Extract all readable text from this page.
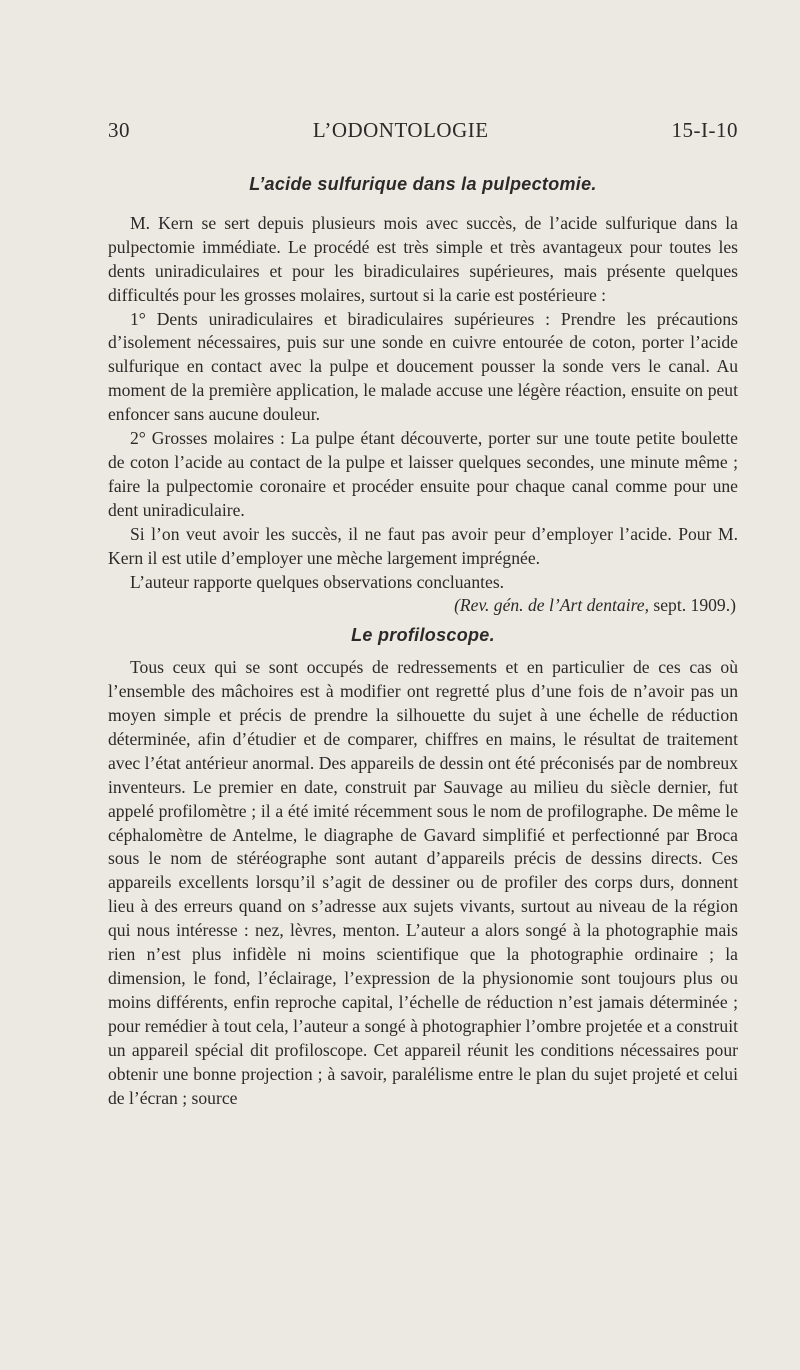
30	L’ODONTOLOGIE	15-I-10
L’acide sulfurique dans la pulpectomie.

M. Kern se sert depuis plusieurs mois avec succès, de l’acide sulfurique dans la pulpectomie immédiate. Le procédé est très simple et très avantageux pour toutes les dents uniradiculaires et pour les biradiculaires supérieures, mais présente quelques difficultés pour les grosses molaires, surtout si la carie est postérieure :

1° Dents uniradiculaires et biradiculaires supérieures : Prendre les précautions d’isolement nécessaires, puis sur une sonde en cuivre entourée de coton, porter l’acide sulfurique en contact avec la pulpe et doucement pousser la sonde vers le canal. Au moment de la première application, le malade accuse une légère réaction, ensuite on peut enfoncer sans aucune douleur.

2° Grosses molaires : La pulpe étant découverte, porter sur une toute petite boulette de coton l’acide au contact de la pulpe et laisser quelques secondes, une minute même ; faire la pulpectomie coronaire et procéder ensuite pour chaque canal comme pour une dent uniradiculaire.

Si l’on veut avoir les succès, il ne faut pas avoir peur d’employer l’acide. Pour M. Kern il est utile d’employer une mèche largement imprégnée.

L’auteur rapporte quelques observations concluantes.

(Rev. gén. de l’Art dentaire, sept. 1909.)

Le profiloscope.

Tous ceux qui se sont occupés de redressements et en particulier de ces cas où l’ensemble des mâchoires est à modifier ont regretté plus d’une fois de n’avoir pas un moyen simple et précis de prendre la silhouette du sujet à une échelle de réduction déterminée, afin d’étudier et de comparer, chiffres en mains, le résultat de traitement avec l’état antérieur anormal. Des appareils de dessin ont été préconisés par de nombreux inventeurs. Le premier en date, construit par Sauvage au milieu du siècle dernier, fut appelé profilomètre ; il a été imité récemment sous le nom de profilographe. De même le céphalomètre de Antelme, le diagraphe de Gavard simplifié et perfectionné par Broca sous le nom de stéréographe sont autant d’appareils précis de dessins directs. Ces appareils excellents lorsqu’il s’agit de dessiner ou de profiler des corps durs, donnent lieu à des erreurs quand on s’adresse aux sujets vivants, surtout au niveau de la région qui nous intéresse : nez, lèvres, menton. L’auteur a alors songé à la photographie mais rien n’est plus infidèle ni moins scientifique que la photographie ordinaire ; la dimension, le fond, l’éclairage, l’expression de la physionomie sont toujours plus ou moins différents, enfin reproche capital, l’échelle de réduction n’est jamais déterminée ; pour remédier à tout cela, l’auteur a songé à photographier l’ombre projetée et a construit un appareil spécial dit profiloscope. Cet appareil réunit les conditions nécessaires pour obtenir une bonne projection ; à savoir, paralélisme entre le plan du sujet projeté et celui de l’écran ; source
